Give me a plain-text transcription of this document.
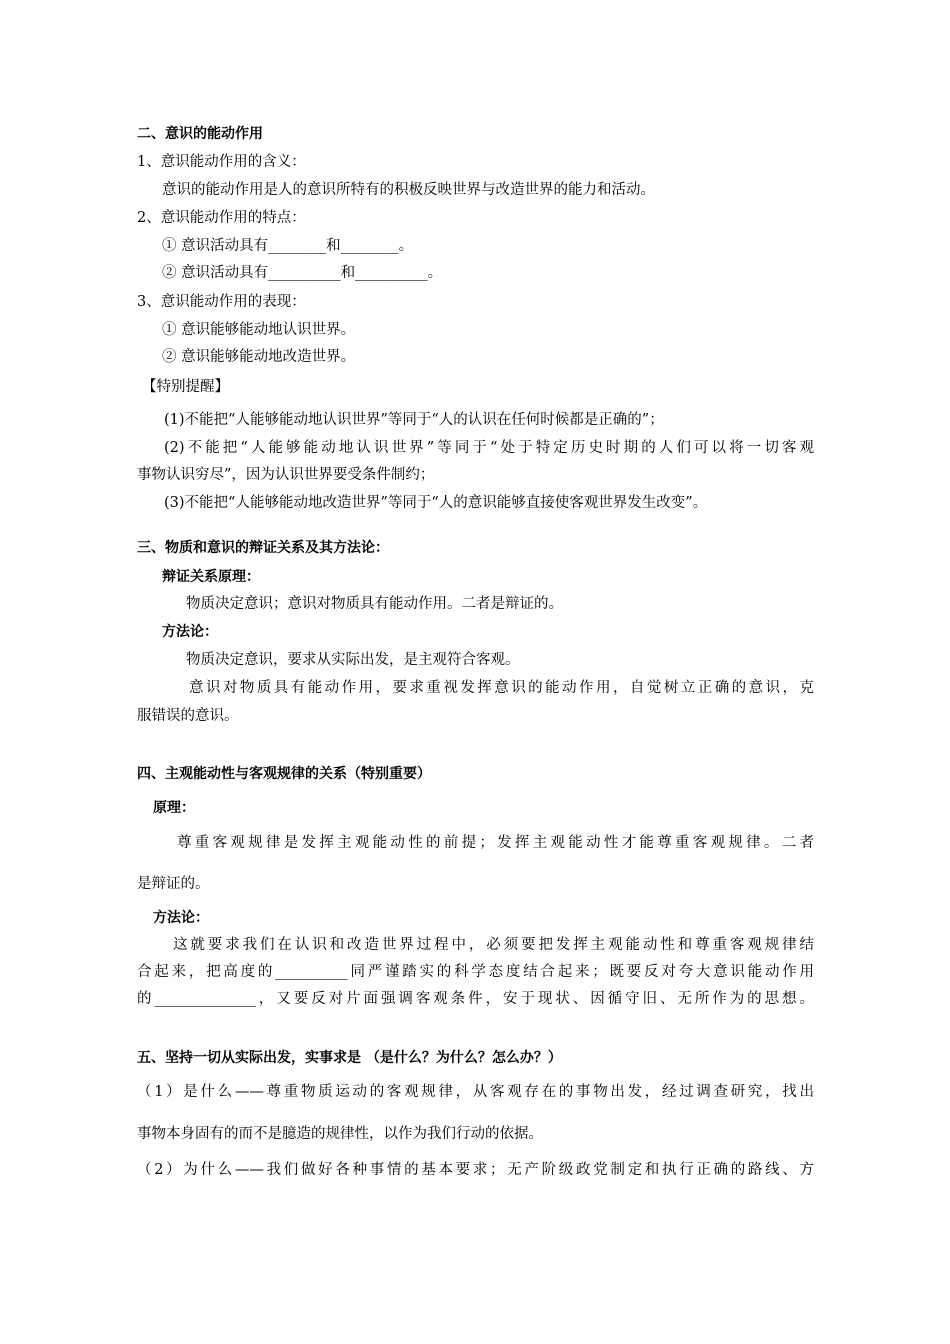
二、意识的能动作用
1、意识能动作用的含义：
意识的能动作用是人的意识所特有的积极反映世界与改造世界的能力和活动。
2、意识能动作用的特点：
① 意识活动具有________和________。
② 意识活动具有__________和__________。
3、意识能动作用的表现：
① 意识能够能动地认识世界。
② 意识能够能动地改造世界。
【特别提醒】
(1)不能把“人能够能动地认识世界”等同于“人的认识在任何时候都是正确的”；
(2)不能把“人能够能动地认识世界”等同于“处于特定历史时期的人们可以将一切客观
事物认识穷尽”，因为认识世界要受条件制约；
(3)不能把“人能够能动地改造世界”等同于“人的意识能够直接使客观世界发生改变”。
三、物质和意识的辩证关系及其方法论：
辩证关系原理：
物质决定意识；意识对物质具有能动作用。二者是辩证的。
方法论：
物质决定意识，要求从实际出发，是主观符合客观。
意识对物质具有能动作用，要求重视发挥意识的能动作用，自觉树立正确的意识，克
服错误的意识。
四、主观能动性与客观规律的关系（特别重要）
原理：
尊重客观规律是发挥主观能动性的前提；发挥主观能动性才能尊重客观规律。二者
是辩证的。
方法论：
这就要求我们在认识和改造世界过程中，必须要把发挥主观能动性和尊重客观规律结
合起来，把高度的__________同严谨踏实的科学态度结合起来；既要反对夸大意识能动作用
的______________，又要反对片面强调客观条件，安于现状、因循守旧、无所作为的思想。
五、坚持一切从实际出发，实事求是 （是什么？为什么？怎么办？）
（1）是什么——尊重物质运动的客观规律，从客观存在的事物出发，经过调查研究，找出
事物本身固有的而不是臆造的规律性，以作为我们行动的依据。
（2）为什么——我们做好各种事情的基本要求；无产阶级政党制定和执行正确的路线、方
